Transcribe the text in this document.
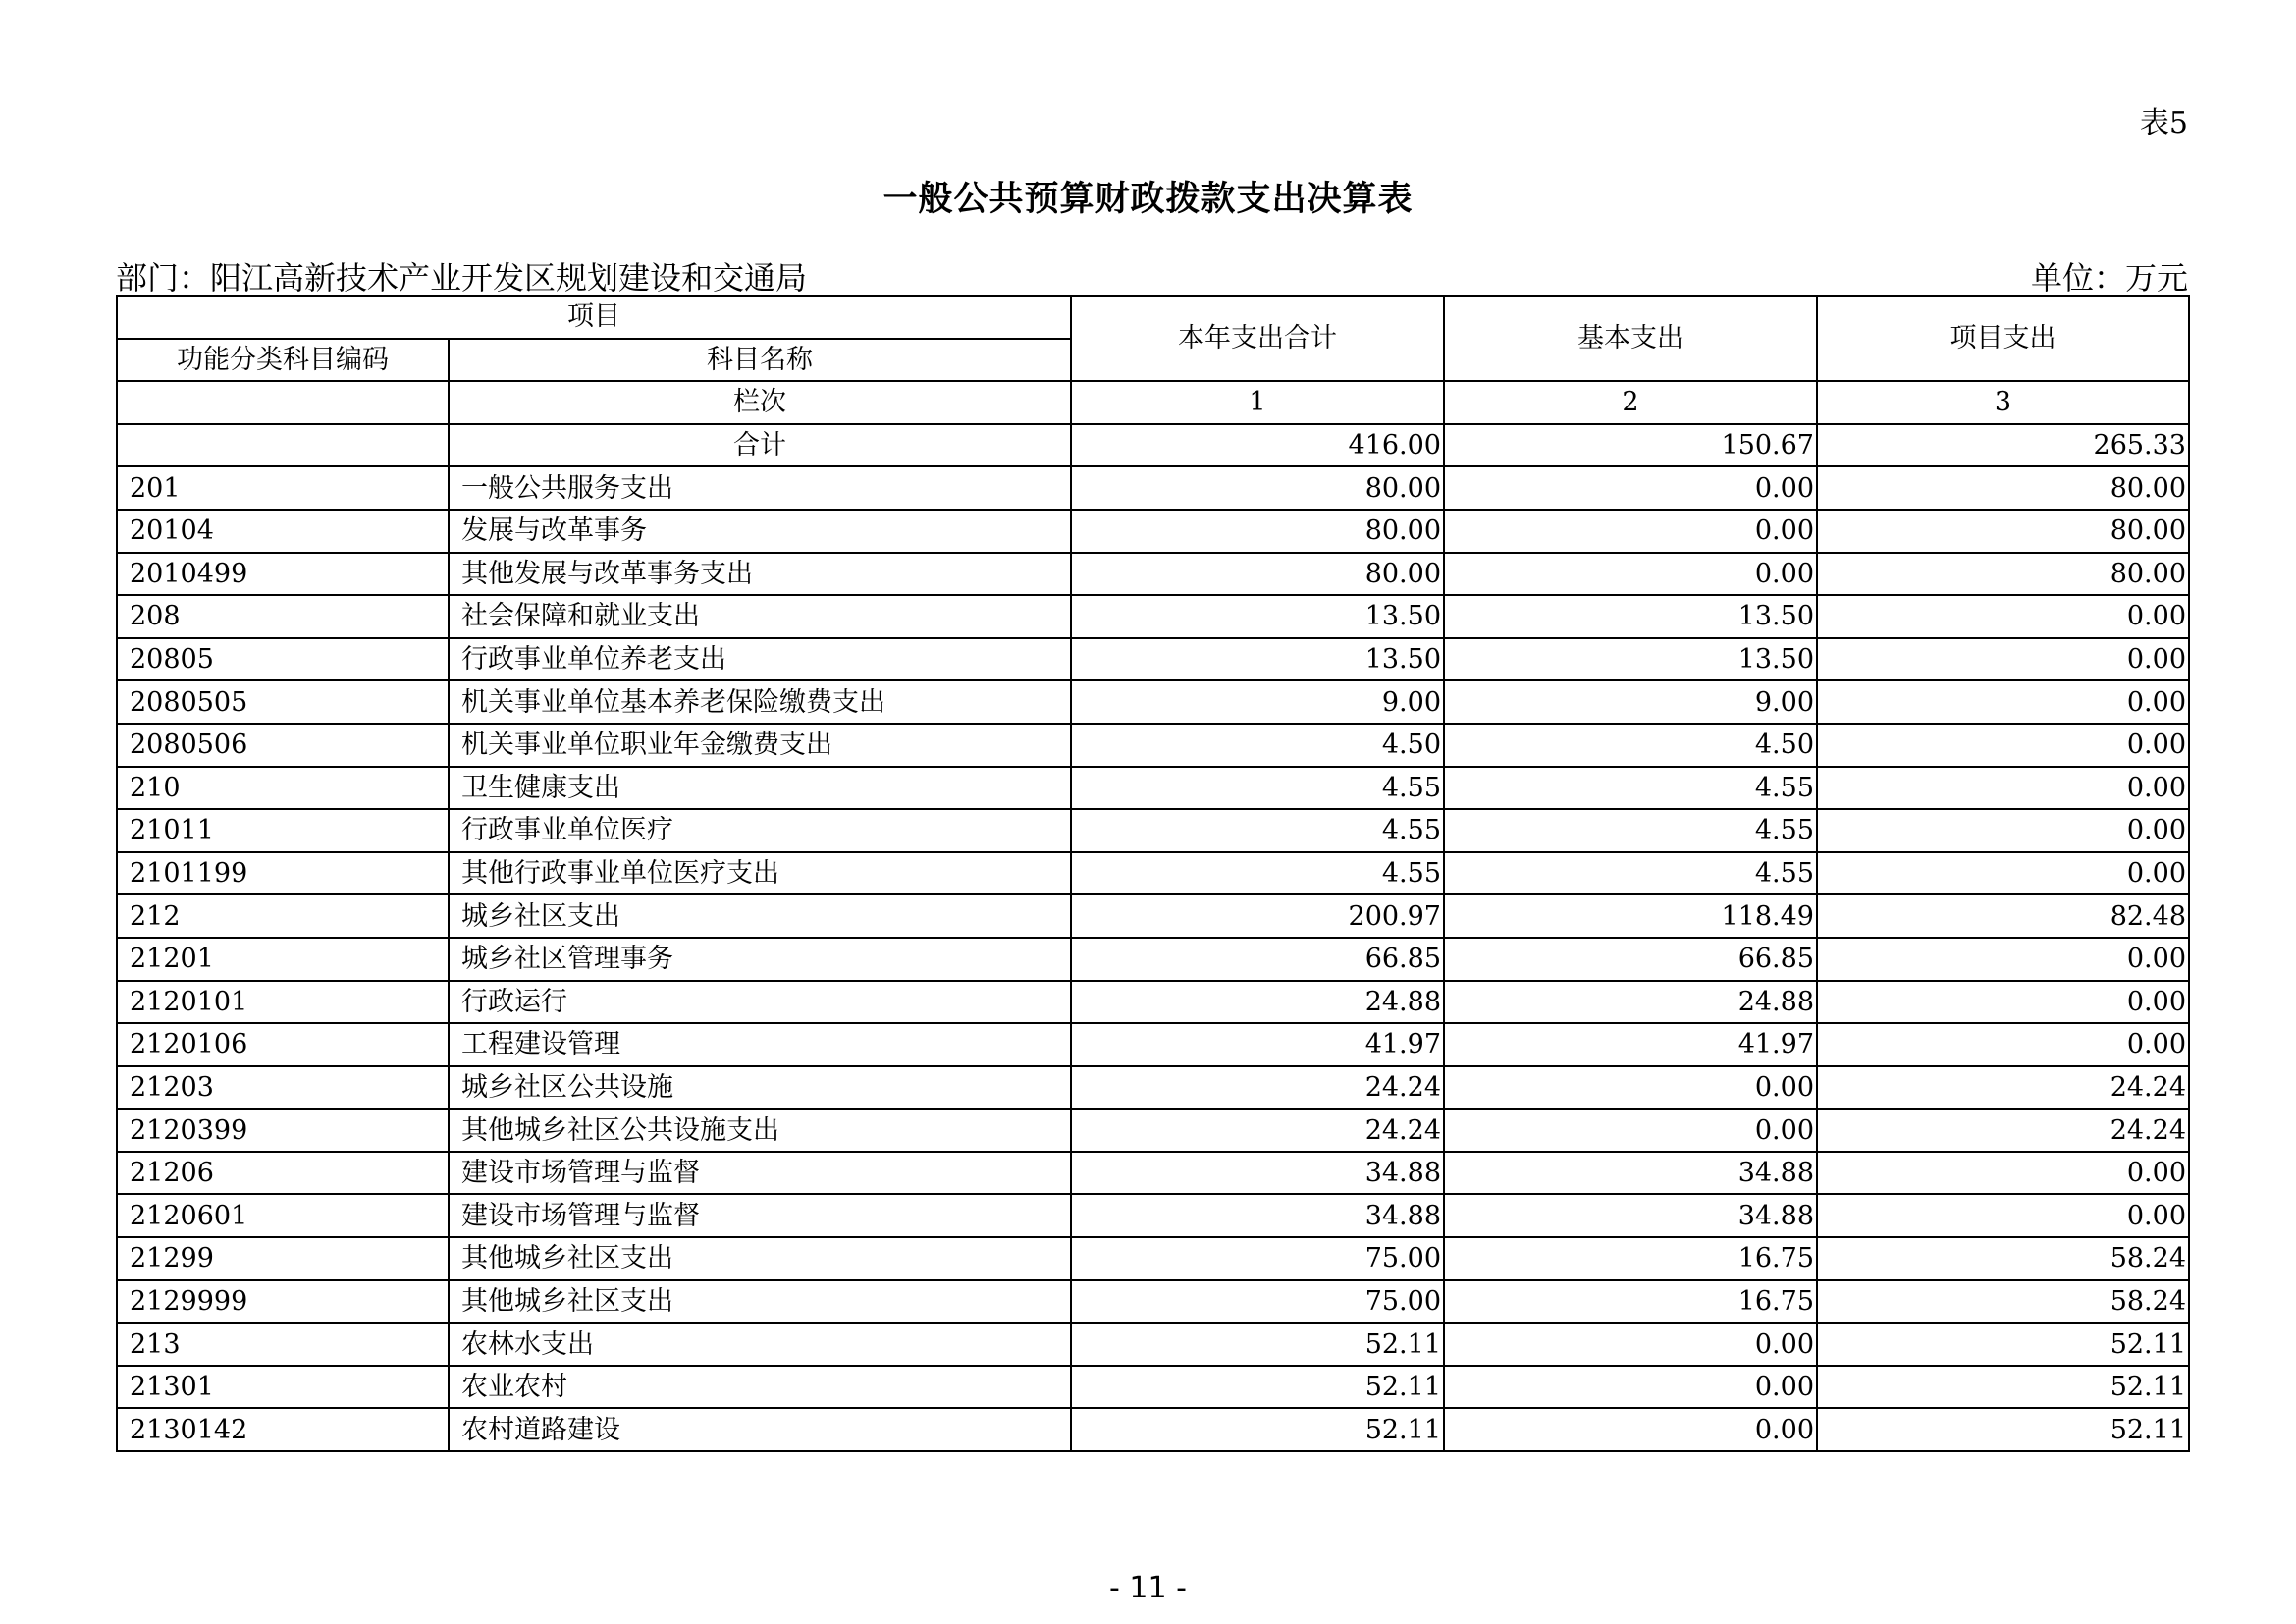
表5
一般公共预算财政拨款支出决算表
部门：阳江高新技术产业开发区规划建设和交通局	单位：万元
项目		本年支出合计	基本支出	项目支出
功能分类科目编码	科目名称			
	栏次	1	2	3
	合计	416.00	150.67	265.33
201	一般公共服务支出	80.00	0.00	80.00
20104	发展与改革事务	80.00	0.00	80.00
2010499	其他发展与改革事务支出	80.00	0.00	80.00
208	社会保障和就业支出	13.50	13.50	0.00
20805	行政事业单位养老支出	13.50	13.50	0.00
2080505	机关事业单位基本养老保险缴费支出	9.00	9.00	0.00
2080506	机关事业单位职业年金缴费支出	4.50	4.50	0.00
210	卫生健康支出	4.55	4.55	0.00
21011	行政事业单位医疗	4.55	4.55	0.00
2101199	其他行政事业单位医疗支出	4.55	4.55	0.00
212	城乡社区支出	200.97	118.49	82.48
21201	城乡社区管理事务	66.85	66.85	0.00
2120101	行政运行	24.88	24.88	0.00
2120106	工程建设管理	41.97	41.97	0.00
21203	城乡社区公共设施	24.24	0.00	24.24
2120399	其他城乡社区公共设施支出	24.24	0.00	24.24
21206	建设市场管理与监督	34.88	34.88	0.00
2120601	建设市场管理与监督	34.88	34.88	0.00
21299	其他城乡社区支出	75.00	16.75	58.24
2129999	其他城乡社区支出	75.00	16.75	58.24
213	农林水支出	52.11	0.00	52.11
21301	农业农村	52.11	0.00	52.11
2130142	农村道路建设	52.11	0.00	52.11
- 11 -
